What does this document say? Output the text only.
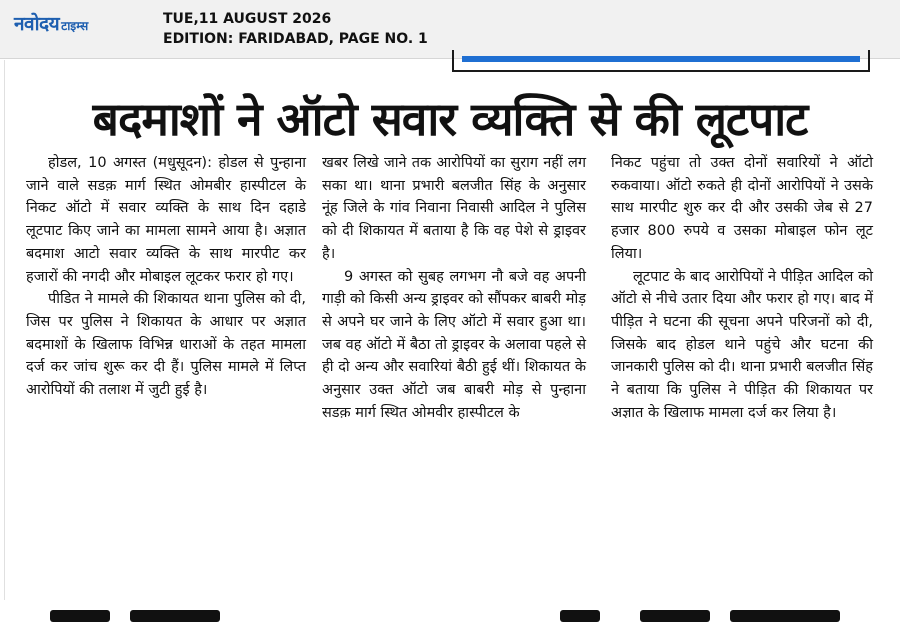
नवोदय टाइम्स	TUE,11 AUGUST 2026
EDITION: FARIDABAD, PAGE NO. 1
बदमाशों ने ऑटो सवार व्यक्ति से की लूटपाट

होडल, 10 अगस्त (मधुसूदन): होडल से पुन्हाना जाने वाले सडक़ मार्ग स्थित ओमबीर हास्पीटल के निकट ऑटो में सवार व्यक्ति के साथ दिन दहाडे लूटपाट किए जाने का मामला सामने आया है। अज्ञात बदमाश आटो सवार व्यक्ति के साथ मारपीट कर हजारों की नगदी और मोबाइल लूटकर फरार हो गए।

पीडित ने मामले की शिकायत थाना पुलिस को दी, जिस पर पुलिस ने शिकायत के आधार पर अज्ञात बदमाशों के खिलाफ विभिन्न धाराओं के तहत मामला दर्ज कर जांच शुरू कर दी हैं। पुलिस मामले में लिप्त आरोपियों की तलाश में जुटी हुई है।

खबर लिखे जाने तक आरोपियों का सुराग नहीं लग सका था। थाना प्रभारी बलजीत सिंह के अनुसार नूंह जिले के गांव निवाना निवासी आदिल ने पुलिस को दी शिकायत में बताया है कि वह पेशे से ड्राइवर है।

9 अगस्त को सुबह लगभग नौ बजे वह अपनी गाड़ी को किसी अन्य ड्राइवर को सौंपकर बाबरी मोड़ से अपने घर जाने के लिए ऑटो में सवार हुआ था। जब वह ऑटो में बैठा तो ड्राइवर के अलावा पहले से ही दो अन्य और सवारियां बैठी हुई थीं। शिकायत के अनुसार उक्त ऑटो जब बाबरी मोड़ से पुन्हाना सडक़ मार्ग स्थित ओमवीर हास्पीटल के

निकट पहुंचा तो उक्त दोनों सवारियों ने ऑटो रुकवाया। ऑटो रुकते ही दोनों आरोपियों ने उसके साथ मारपीट शुरु कर दी और उसकी जेब से 27 हजार 800 रुपये व उसका मोबाइल फोन लूट लिया।

लूटपाट के बाद आरोपियों ने पीड़ित आदिल को ऑटो से नीचे उतार दिया और फरार हो गए। बाद में पीड़ित ने घटना की सूचना अपने परिजनों को दी, जिसके बाद होडल थाने पहुंचे और घटना की जानकारी पुलिस को दी। थाना प्रभारी बलजीत सिंह ने बताया कि पुलिस ने पीड़ित की शिकायत पर अज्ञात के खिलाफ मामला दर्ज कर लिया है।
